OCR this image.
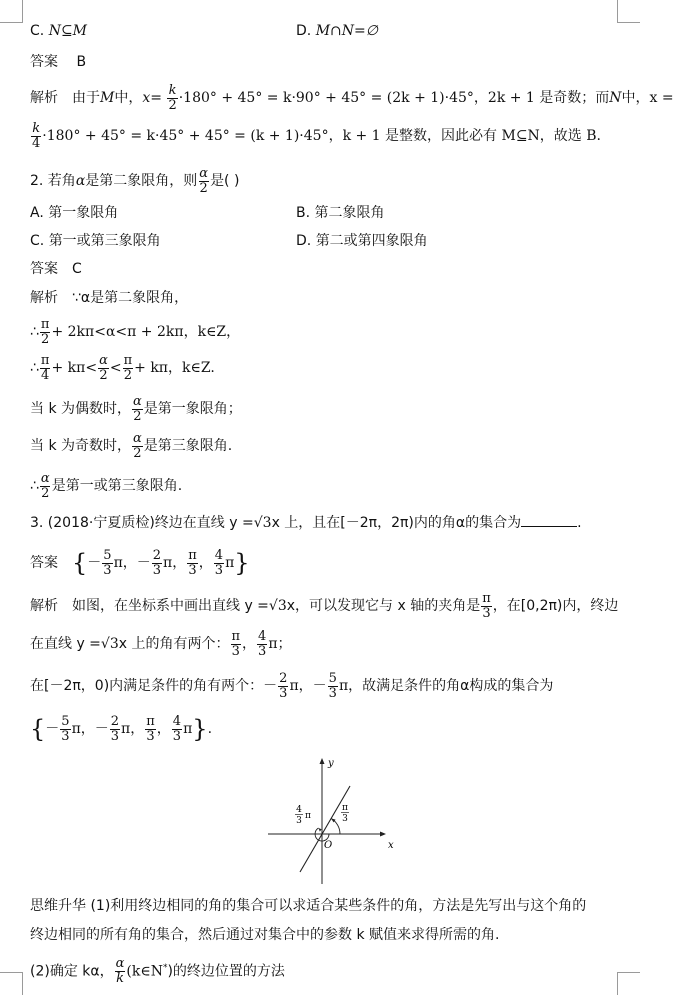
C. N⊆M	D. M∩N=∅
答案 B
解析 由于M中，$x= \frac{k}{2} \cdot 180^\circ + 45^\circ = k\cdot 90^\circ + 45^\circ = (2k + 1)\cdot 45^\circ$，2k + 1 是奇数；而N中，x =
$\frac{k}{4} \cdot 180^\circ + 45^\circ = k\cdot 45^\circ + 45^\circ = (k + 1)\cdot 45^\circ$，k + 1 是整数，因此必有 M⊆N，故选 B.
2. 若角α是第二象限角，则 $\frac{\alpha}{2}$ 是( )
A. 第一象限角	B. 第二象限角
C. 第一或第三象限角	D. 第二或第四象限角
答案 C
解析 ∵α是第二象限角，
∴ $\frac{\pi}{2} + 2k\pi<\alpha<\pi + 2k\pi$，k∈Z，
∴ $\frac{\pi}{4} + k\pi< \frac{\alpha}{2} < \frac{\pi}{2} + k\pi$，k∈Z.
当 k 为偶数时， $\frac{\alpha}{2}$ 是第一象限角；
当 k 为奇数时， $\frac{\alpha}{2}$ 是第三象限角.
∴ $\frac{\alpha}{2}$ 是第一或第三象限角.
3. (2018·宁夏质检)终边在直线 y =√3x 上，且在[－2π，2π)内的角α的集合为	.
答案 {－ $\frac{5}{3}$ π，－ $\frac{2}{3}$ π， $\frac{\pi}{3}$ ， $\frac{4}{3} \pi$}
解析 如图，在坐标系中画出直线 y =√3x，可以发现它与 x 轴的夹角是 $\frac{\pi}{3}$ ，在[0,2π)内，终边
在直线 y =√3x 上的角有两个： $\frac{\pi}{3}$ ， $\frac{4}{3}$ π；
在[－2π，0)内满足条件的角有两个：－ $\frac{2}{3}$ π，－ $\frac{5}{3}$ π，故满足条件的角α构成的集合为
{－ $\frac{5}{3}$ π，－ $\frac{2}{3}$ π， $\frac{\pi}{3}$ ， $\frac{4}{3} \pi$}.
x
y
O
4
3 π
π
3
思维升华 (1)利用终边相同的角的集合可以求适合某些条件的角，方法是先写出与这个角的
终边相同的所有角的集合，然后通过对集合中的参数 k 赋值来求得所需的角.
(2)确定 kα， $\frac{\alpha}{k}$ (k∈N*)的终边位置的方法
